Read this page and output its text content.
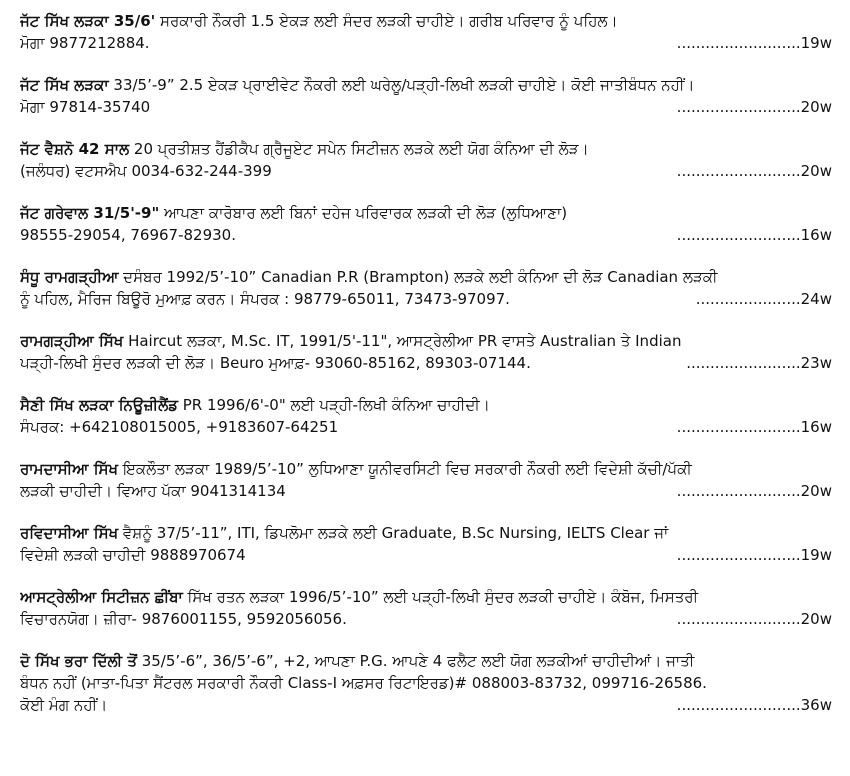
ਜੱਟ ਸਿੱਖ ਲੜਕਾ 35/6' ਸਰਕਾਰੀ ਨੌਕਰੀ 1.5 ਏਕੜ ਲਈ ਸੰਦਰ ਲੜਕੀ ਚਾਹੀਏ। ਗਰੀਬ ਪਰਿਵਾਰ ਨੂੰ ਪਹਿਲ।
ਮੋਗਾ 9877212884.	..........................19w
ਜੱਟ ਸਿੱਖ ਲੜਕਾ 33/5’-9” 2.5 ਏਕੜ ਪ੍ਰਾਈਵੇਟ ਨੌਕਰੀ ਲਈ ਘਰੇਲੂ/ਪੜ੍ਹੀ-ਲਿਖੀ ਲੜਕੀ ਚਾਹੀਏ। ਕੋਈ ਜਾਤੀਬੰਧਨ ਨਹੀਂ।
ਮੋਗਾ 97814-35740	..........................20w
ਜੱਟ ਵੈਸ਼ਨੋ 42 ਸਾਲ 20 ਪ੍ਰਤੀਸ਼ਤ ਹੈਂਡੀਕੈਪ ਗ੍ਰੈਜੂਏਟ ਸਪੇਨ ਸਿਟੀਜ਼ਨ ਲੜਕੇ ਲਈ ਯੋਗ ਕੰਨਿਆ ਦੀ ਲੋੜ।
(ਜਲੰਧਰ) ਵਟਸਐਪ 0034-632-244-399	..........................20w
ਜੱਟ ਗਰੇਵਾਲ 31/5'-9" ਆਪਣਾ ਕਾਰੋਬਾਰ ਲਈ ਬਿਨਾਂ ਦਹੇਜ ਪਰਿਵਾਰਕ ਲੜਕੀ ਦੀ ਲੋੜ (ਲੁਧਿਆਣਾ)
98555-29054, 76967-82930.	..........................16w
ਸੰਧੂ ਰਾਮਗੜ੍ਹੀਆ ਦਸੰਬਰ 1992/5’-10” Canadian P.R (Brampton) ਲੜਕੇ ਲਈ ਕੰਨਿਆ ਦੀ ਲੋੜ Canadian ਲੜਕੀ
ਨੂੰ ਪਹਿਲ, ਮੈਰਿਜ ਬਿਊਰੋ ਮੁਆਫ਼ ਕਰਨ। ਸੰਪਰਕ : 98779-65011, 73473-97097.	......................24w
ਰਾਮਗੜ੍ਹੀਆ ਸਿੱਖ Haircut ਲੜਕਾ, M.Sc. IT, 1991/5'-11", ਆਸਟ੍ਰੇਲੀਆ PR ਵਾਸਤੇ Australian ਤੇ Indian
ਪੜ੍ਹੀ-ਲਿਖੀ ਸੁੰਦਰ ਲੜਕੀ ਦੀ ਲੋੜ। Beuro ਮੁਆਫ਼- 93060-85162, 89303-07144.	........................23w
ਸੈਣੀ ਸਿੱਖ ਲੜਕਾ ਨਿਊਜ਼ੀਲੈਂਡ PR 1996/6'-0" ਲਈ ਪੜ੍ਹੀ-ਲਿਖੀ ਕੰਨਿਆ ਚਾਹੀਦੀ।
ਸੰਪਰਕ: +642108015005, +9183607-64251	..........................16w
ਰਾਮਦਾਸੀਆ ਸਿੱਖ ਇਕਲੌਤਾ ਲੜਕਾ 1989/5’-10” ਲੁਧਿਆਣਾ ਯੂਨੀਵਰਸਿਟੀ ਵਿਚ ਸਰਕਾਰੀ ਨੌਕਰੀ ਲਈ ਵਿਦੇਸ਼ੀ ਕੱਚੀ/ਪੱਕੀ
ਲੜਕੀ ਚਾਹੀਦੀ। ਵਿਆਹ ਪੱਕਾ 9041314134	..........................20w
ਰਵਿਦਾਸੀਆ ਸਿੱਖ ਵੈਸ਼ਨੂੰ 37/5’-11”, ITI, ਡਿਪਲੋਮਾ ਲੜਕੇ ਲਈ Graduate, B.Sc Nursing, IELTS Clear ਜਾਂ
ਵਿਦੇਸ਼ੀ ਲੜਕੀ ਚਾਹੀਦੀ 9888970674	..........................19w
ਆਸਟ੍ਰੇਲੀਆ ਸਿਟੀਜ਼ਨ ਛੀਂਬਾ ਸਿੱਖ ਰਤਨ ਲੜਕਾ 1996/5’-10” ਲਈ ਪੜ੍ਹੀ-ਲਿਖੀ ਸੁੰਦਰ ਲੜਕੀ ਚਾਹੀਏ। ਕੰਬੋਜ, ਮਿਸਤਰੀ
ਵਿਚਾਰਨਯੋਗ। ਜ਼ੀਰਾ- 9876001155, 9592056056.	..........................20w
ਦੋ ਸਿੱਖ ਭਰਾ ਦਿੱਲੀ ਤੋਂ 35/5’-6”, 36/5’-6”, +2, ਆਪਣਾ P.G. ਆਪਣੇ 4 ਫਲੈਟ ਲਈ ਯੋਗ ਲੜਕੀਆਂ ਚਾਹੀਦੀਆਂ। ਜਾਤੀ
ਬੰਧਨ ਨਹੀਂ (ਮਾਤਾ-ਪਿਤਾ ਸੈਂਟਰਲ ਸਰਕਾਰੀ ਨੌਕਰੀ Class-I ਅਫ਼ਸਰ ਰਿਟਾਇਰਡ)# 088003-83732, 099716-26586.
ਕੋਈ ਮੰਗ ਨਹੀਂ।	..........................36w
